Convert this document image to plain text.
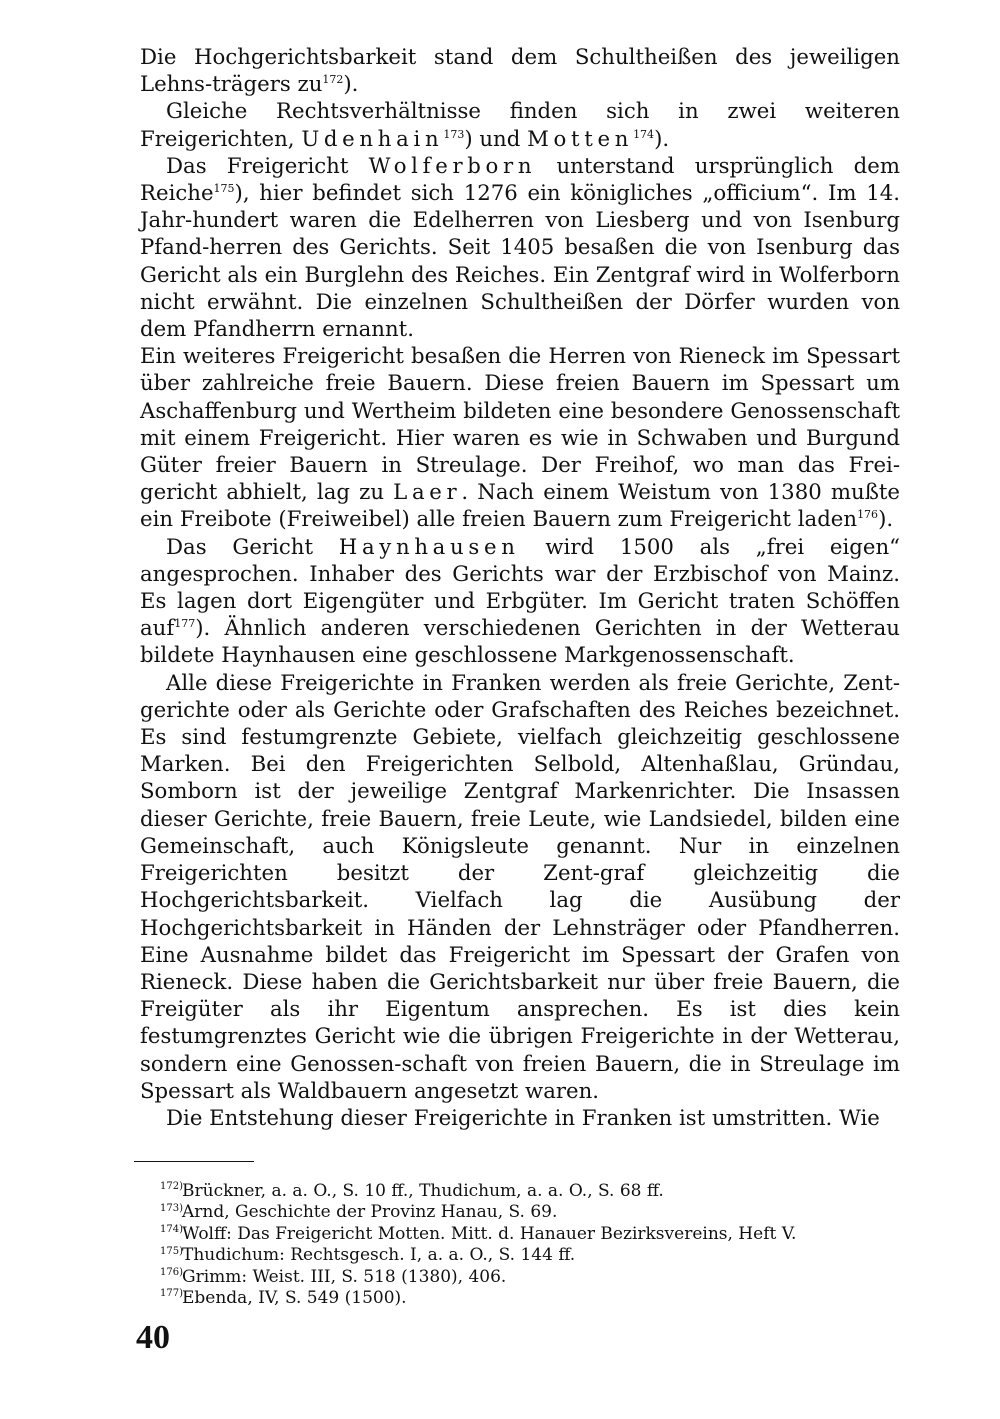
Die Hochgerichtsbarkeit stand dem Schultheißen des jeweiligen Lehns-trägers zu$^{172}$).

Gleiche Rechtsverhältnisse finden sich in zwei weiteren Freigerichten, Udenhain$^{173}$) und Motten$^{174}$).

Das Freigericht Wolferborn unterstand ursprünglich dem Reiche$^{175}$), hier befindet sich 1276 ein königliches „officium“. Im 14. Jahr-hundert waren die Edelherren von Liesberg und von Isenburg Pfand-herren des Gerichts. Seit 1405 besaßen die von Isenburg das Gericht als ein Burglehn des Reiches. Ein Zentgraf wird in Wolferborn nicht erwähnt. Die einzelnen Schultheißen der Dörfer wurden von dem Pfandherrn ernannt.

Ein weiteres Freigericht besaßen die Herren von Rieneck im Spessart über zahlreiche freie Bauern. Diese freien Bauern im Spessart um Aschaffenburg und Wertheim bildeten eine besondere Genossenschaft mit einem Freigericht. Hier waren es wie in Schwaben und Burgund Güter freier Bauern in Streulage. Der Freihof, wo man das Frei-gericht abhielt, lag zu Laer. Nach einem Weistum von 1380 mußte ein Freibote (Freiweibel) alle freien Bauern zum Freigericht laden$^{176}$).

Das Gericht Haynhausen wird 1500 als „frei eigen“ angesprochen. Inhaber des Gerichts war der Erzbischof von Mainz. Es lagen dort Eigengüter und Erbgüter. Im Gericht traten Schöffen auf$^{177}$). Ähnlich anderen verschiedenen Gerichten in der Wetterau bildete Haynhausen eine geschlossene Markgenossenschaft.

Alle diese Freigerichte in Franken werden als freie Gerichte, Zent-gerichte oder als Gerichte oder Grafschaften des Reiches bezeichnet. Es sind festumgrenzte Gebiete, vielfach gleichzeitig geschlossene Marken. Bei den Freigerichten Selbold, Altenhaßlau, Gründau, Somborn ist der jeweilige Zentgraf Markenrichter. Die Insassen dieser Gerichte, freie Bauern, freie Leute, wie Landsiedel, bilden eine Gemeinschaft, auch Königsleute genannt. Nur in einzelnen Freigerichten besitzt der Zent-graf gleichzeitig die Hochgerichtsbarkeit. Vielfach lag die Ausübung der Hochgerichtsbarkeit in Händen der Lehnsträger oder Pfandherren. Eine Ausnahme bildet das Freigericht im Spessart der Grafen von Rieneck. Diese haben die Gerichtsbarkeit nur über freie Bauern, die Freigüter als ihr Eigentum ansprechen. Es ist dies kein festumgrenztes Gericht wie die übrigen Freigerichte in der Wetterau, sondern eine Genossen-schaft von freien Bauern, die in Streulage im Spessart als Waldbauern angesetzt waren.

Die Entstehung dieser Freigerichte in Franken ist umstritten. Wie

172)Brückner, a. a. O., S. 10 ff., Thudichum, a. a. O., S. 68 ff.
173)Arnd, Geschichte der Provinz Hanau, S. 69.
174)Wolff: Das Freigericht Motten. Mitt. d. Hanauer Bezirksvereins, Heft V.
175)Thudichum: Rechtsgesch. I, a. a. O., S. 144 ff.
176)Grimm: Weist. III, S. 518 (1380), 406.
177)Ebenda, IV, S. 549 (1500).
40
